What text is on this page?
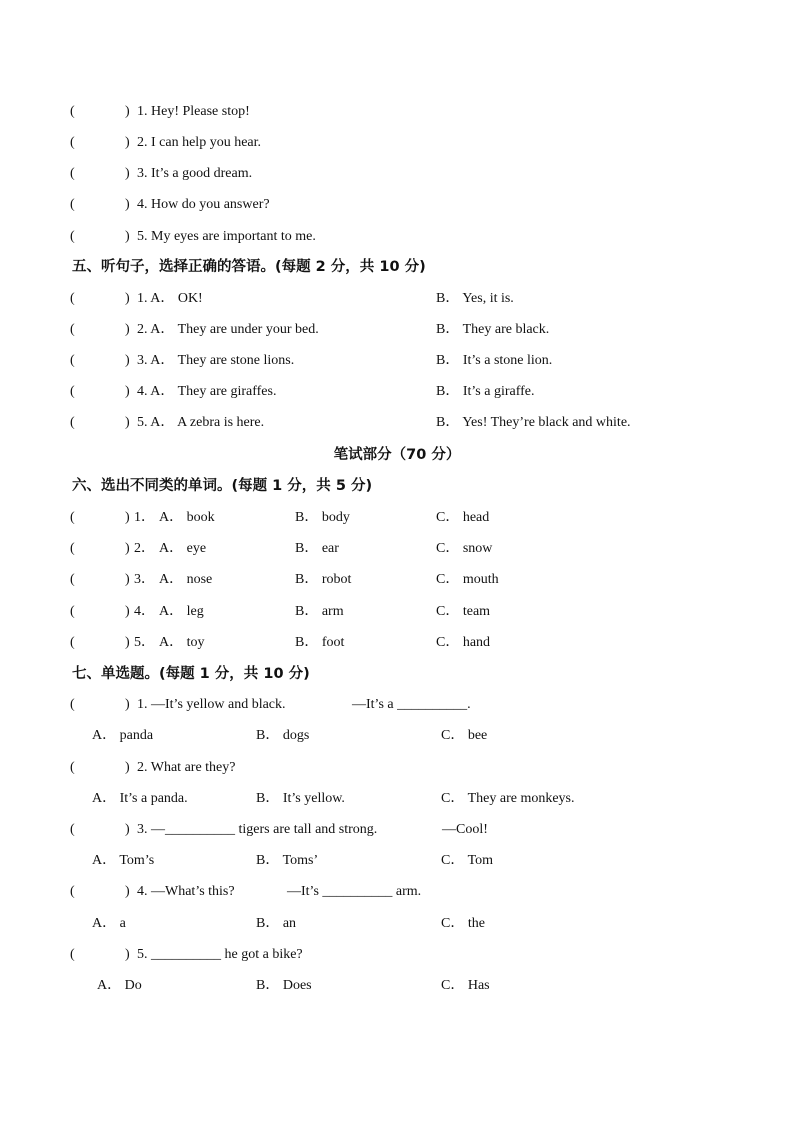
(	) 1. Hey! Please stop!
(	) 2. I can help you hear.
(	) 3. It’s a good dream.
(	) 4. How do you answer?
(	) 5. My eyes are important to me.
五、听句子，选择正确的答语。(每题 2 分，共 10 分)
(	) 1. A． OK!	B． Yes, it is.
(	) 2. A． They are under your bed.	B． They are black.
(	) 3. A． They are stone lions.	B． It’s a stone lion.
(	) 4. A． They are giraffes.	B． It’s a giraffe.
(	) 5. A． A zebra is here.	B． Yes! They’re black and white.
笔试部分（70 分）
六、选出不同类的单词。(每题 1 分，共 5 分)
(	) 1． A． book	B． body	C． head
(	) 2． A． eye	B． ear	C． snow
(	) 3． A． nose	B． robot	C． mouth
(	) 4． A． leg	B． arm	C． team
(	) 5． A． toy	B． foot	C． hand
七、单选题。(每题 1 分，共 10 分)
(	) 1. —It’s yellow and black.	—It’s a __________.
A． panda	B． dogs	C． bee
(	) 2. What are they?
A． It’s a panda.	B． It’s yellow.	C． They are monkeys.
(	) 3. —__________ tigers are tall and strong.	—Cool!
A． Tom’s	B． Toms’	C． Tom
(	) 4. —What’s this?	—It’s __________ arm.
A． a	B． an	C． the
(	) 5. __________ he got a bike?
A． Do	B． Does	C． Has
